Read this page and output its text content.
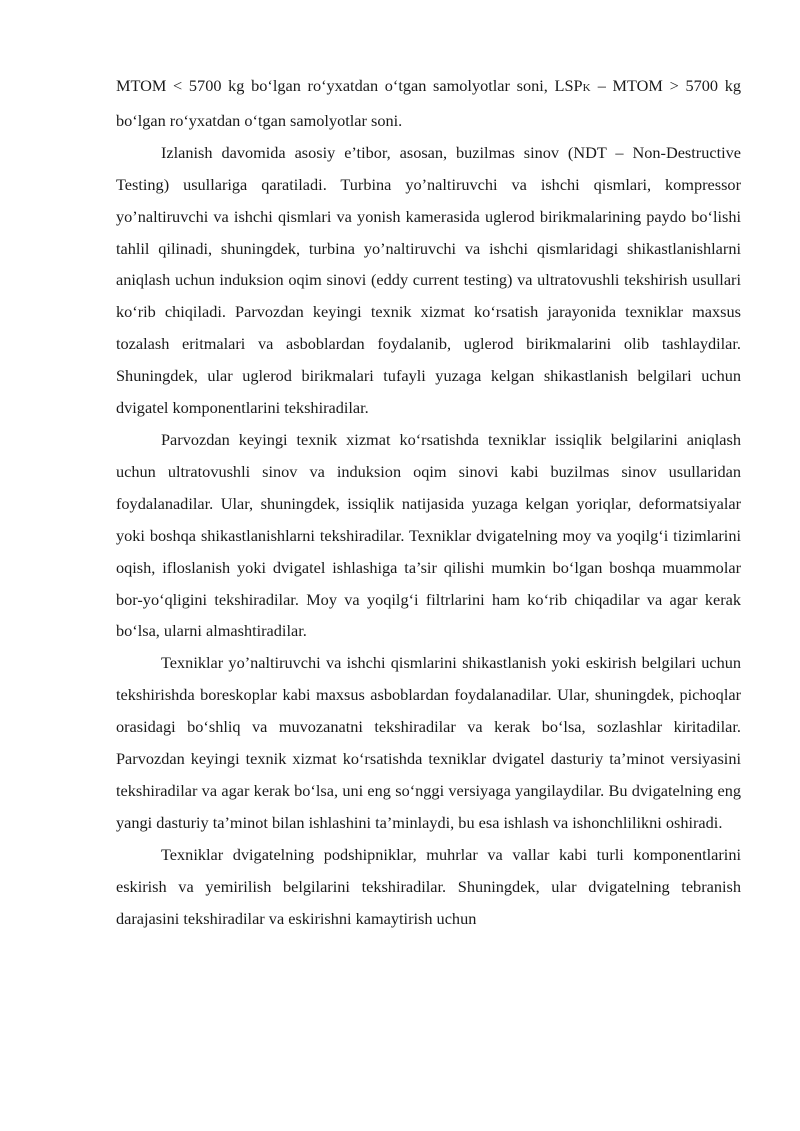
MTOM < 5700 kg bo‘lgan ro‘yxatdan o‘tgan samolyotlar soni, LSPK – MTOM > 5700 kg bo‘lgan ro‘yxatdan o‘tgan samolyotlar soni.

Izlanish davomida asosiy e’tibor, asosan, buzilmas sinov (NDT – Non-Destructive Testing) usullariga qaratiladi. Turbina yo’naltiruvchi va ishchi qismlari, kompressor yo’naltiruvchi va ishchi qismlari va yonish kamerasida uglerod birikmalarining paydo bo‘lishi tahlil qilinadi, shuningdek, turbina yo’naltiruvchi va ishchi qismlaridagi shikastlanishlarni aniqlash uchun induksion oqim sinovi (eddy current testing) va ultratovushli tekshirish usullari ko‘rib chiqiladi. Parvozdan keyingi texnik xizmat ko‘rsatish jarayonida texniklar maxsus tozalash eritmalari va asboblardan foydalanib, uglerod birikmalarini olib tashlaydilar. Shuningdek, ular uglerod birikmalari tufayli yuzaga kelgan shikastlanish belgilari uchun dvigatel komponentlarini tekshiradilar.

Parvozdan keyingi texnik xizmat ko‘rsatishda texniklar issiqlik belgilarini aniqlash uchun ultratovushli sinov va induksion oqim sinovi kabi buzilmas sinov usullaridan foydalanadilar. Ular, shuningdek, issiqlik natijasida yuzaga kelgan yoriqlar, deformatsiyalar yoki boshqa shikastlanishlarni tekshiradilar. Texniklar dvigatelning moy va yoqilg‘i tizimlarini oqish, ifloslanish yoki dvigatel ishlashiga ta’sir qilishi mumkin bo‘lgan boshqa muammolar bor-yo‘qligini tekshiradilar. Moy va yoqilg‘i filtrlarini ham ko‘rib chiqadilar va agar kerak bo‘lsa, ularni almashtiradilar.

Texniklar yo’naltiruvchi va ishchi qismlarini shikastlanish yoki eskirish belgilari uchun tekshirishda boreskoplar kabi maxsus asboblardan foydalanadilar. Ular, shuningdek, pichoqlar orasidagi bo‘shliq va muvozanatni tekshiradilar va kerak bo‘lsa, sozlashlar kiritadilar. Parvozdan keyingi texnik xizmat ko‘rsatishda texniklar dvigatel dasturiy ta’minot versiyasini tekshiradilar va agar kerak bo‘lsa, uni eng so‘nggi versiyaga yangilaydilar. Bu dvigatelning eng yangi dasturiy ta’minot bilan ishlashini ta’minlaydi, bu esa ishlash va ishonchlilikni oshiradi.

Texniklar dvigatelning podshipniklar, muhrlar va vallar kabi turli komponentlarini eskirish va yemirilish belgilarini tekshiradilar. Shuningdek, ular dvigatelning tebranish darajasini tekshiradilar va eskirishni kamaytirish uchun
